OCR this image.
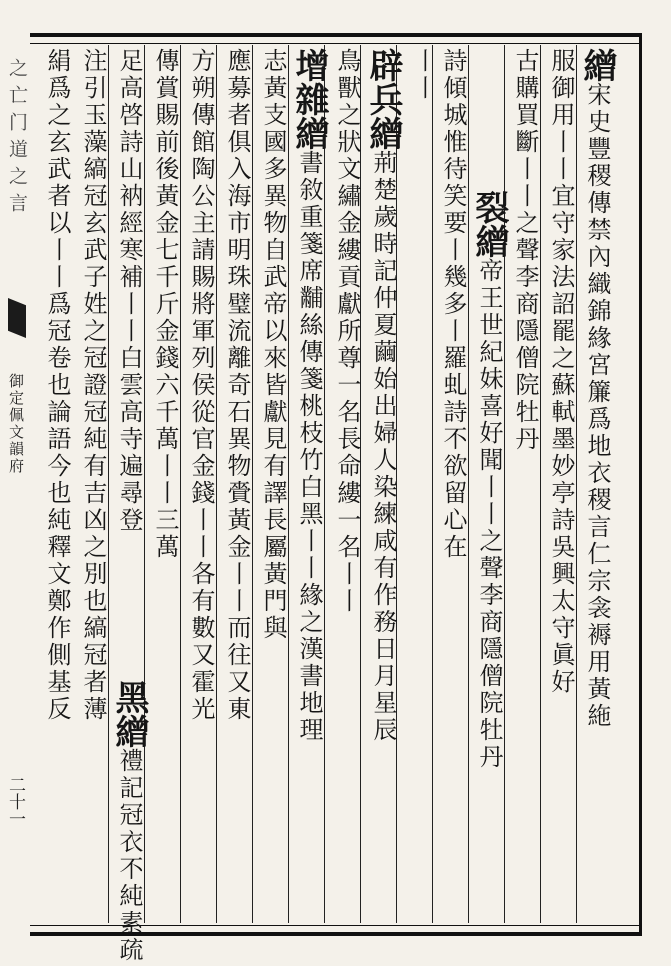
之亡门道之言
御定佩文韻府
二十一
繒宋史豐稷傳禁內織錦緣宮簾爲地衣稷言仁宗衾褥用黃絁
服御用丨丨宜守家法詔罷之蘇軾墨妙亭詩吳興太守眞好
古購買斷丨丨之聲李商隱僧院牡丹
裂繒帝王世紀妹喜好聞丨丨之聲李商隱僧院牡丹
詩傾城惟待笑要丨幾多丨羅虬詩不欲留心在
丨丨
辟兵繒荊楚歲時記仲夏繭始出婦人染練咸有作務日月星辰
鳥獸之狀文繡金縷貢獻所尊一名長命縷一名丨丨
增雜繒書敘重箋席黼絲傳箋桃枝竹白黑丨丨緣之漢書地理
志黃支國多異物自武帝以來皆獻見有譯長屬黃門與
應募者俱入海市明珠璧流離奇石異物賫黃金丨丨而往又東
方朔傳館陶公主請賜將軍列侯從官金錢丨丨各有數又霍光
傳賞賜前後黃金七千斤金錢六千萬丨丨三萬
黑繒禮記冠衣不純素疏
足高啓詩山衲經寒補丨丨白雲高寺遍尋登
注引玉藻縞冠玄武子姓之冠證冠純有吉凶之別也縞冠者薄
絹爲之玄武者以丨丨爲冠卷也論語今也純釋文鄭作側基反
